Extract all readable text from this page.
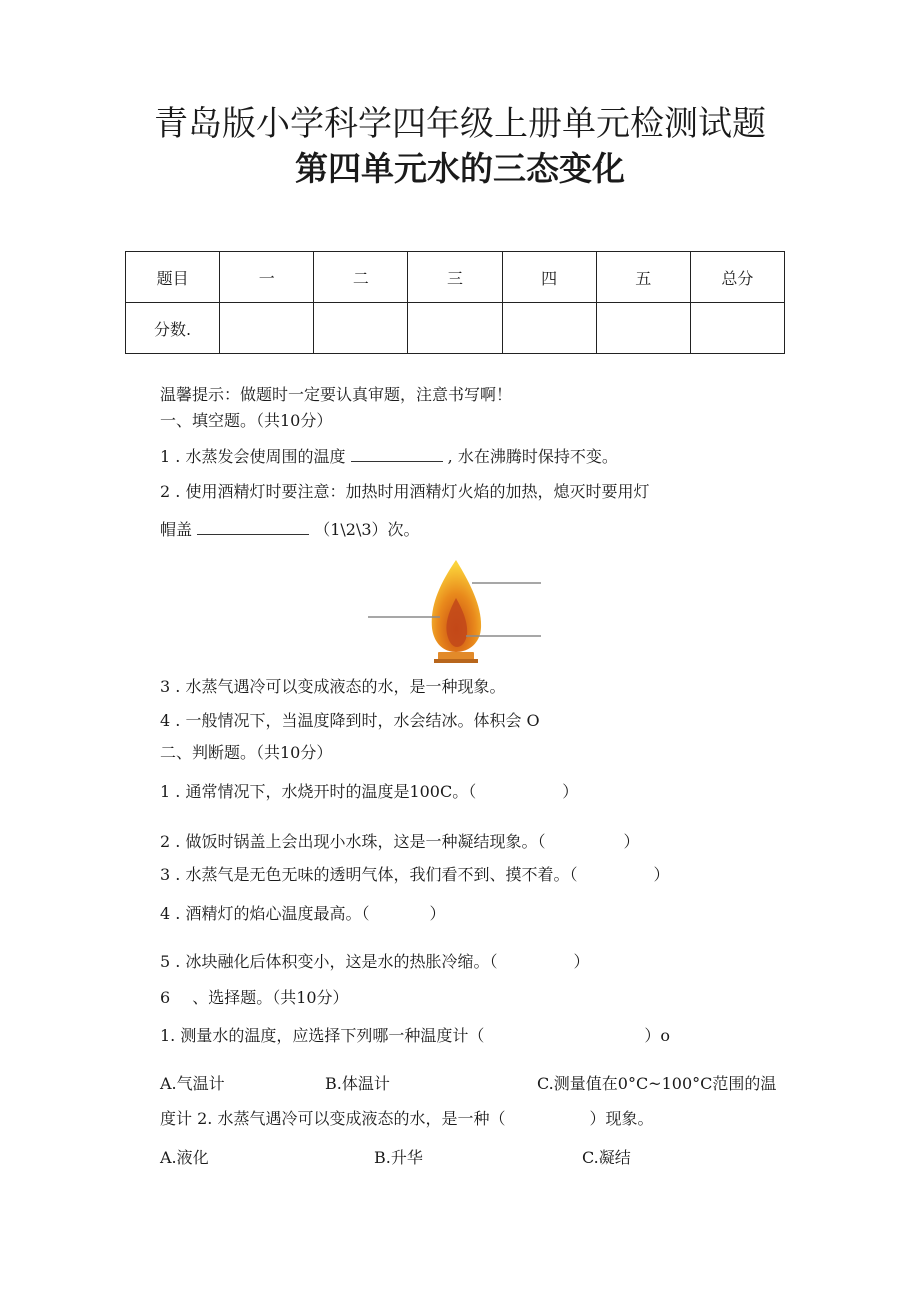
青岛版小学科学四年级上册单元检测试题
第四单元水的三态变化
题目	一	二	三	四	五	总分
分数.						
温馨提示：做题时一定要认真审题，注意书写啊！
一、填空题。（共10分）
1 . 水蒸发会使周围的温度	, 水在沸腾时保持不变。
2 . 使用酒精灯时要注意：加热时用酒精灯火焰的加热，熄灭时要用灯
帽盖	（1\2\3）次。
3 . 水蒸气遇冷可以变成液态的水，是一种现象。
4 . 一般情况下，当温度降到时，水会结冰。体积会 O
二、判断题。（共10分）
1 . 通常情况下，水烧开时的温度是100C。（	）
2 . 做饭时锅盖上会出现小水珠，这是一种凝结现象。（	）
3 . 水蒸气是无色无味的透明气体，我们看不到、摸不着。（	）
4 . 酒精灯的焰心温度最高。（	）
5 . 冰块融化后体积变小，这是水的热胀冷缩。（	）
6 、选择题。（共10分）
1. 测量水的温度，应选择下列哪一种温度计（	）o
A.气温计	B.体温计	C.测量值在0°C~100°C范围的温
度计 2. 水蒸气遇冷可以变成液态的水，是一种（	）现象。
A.液化	B.升华	C.凝结
